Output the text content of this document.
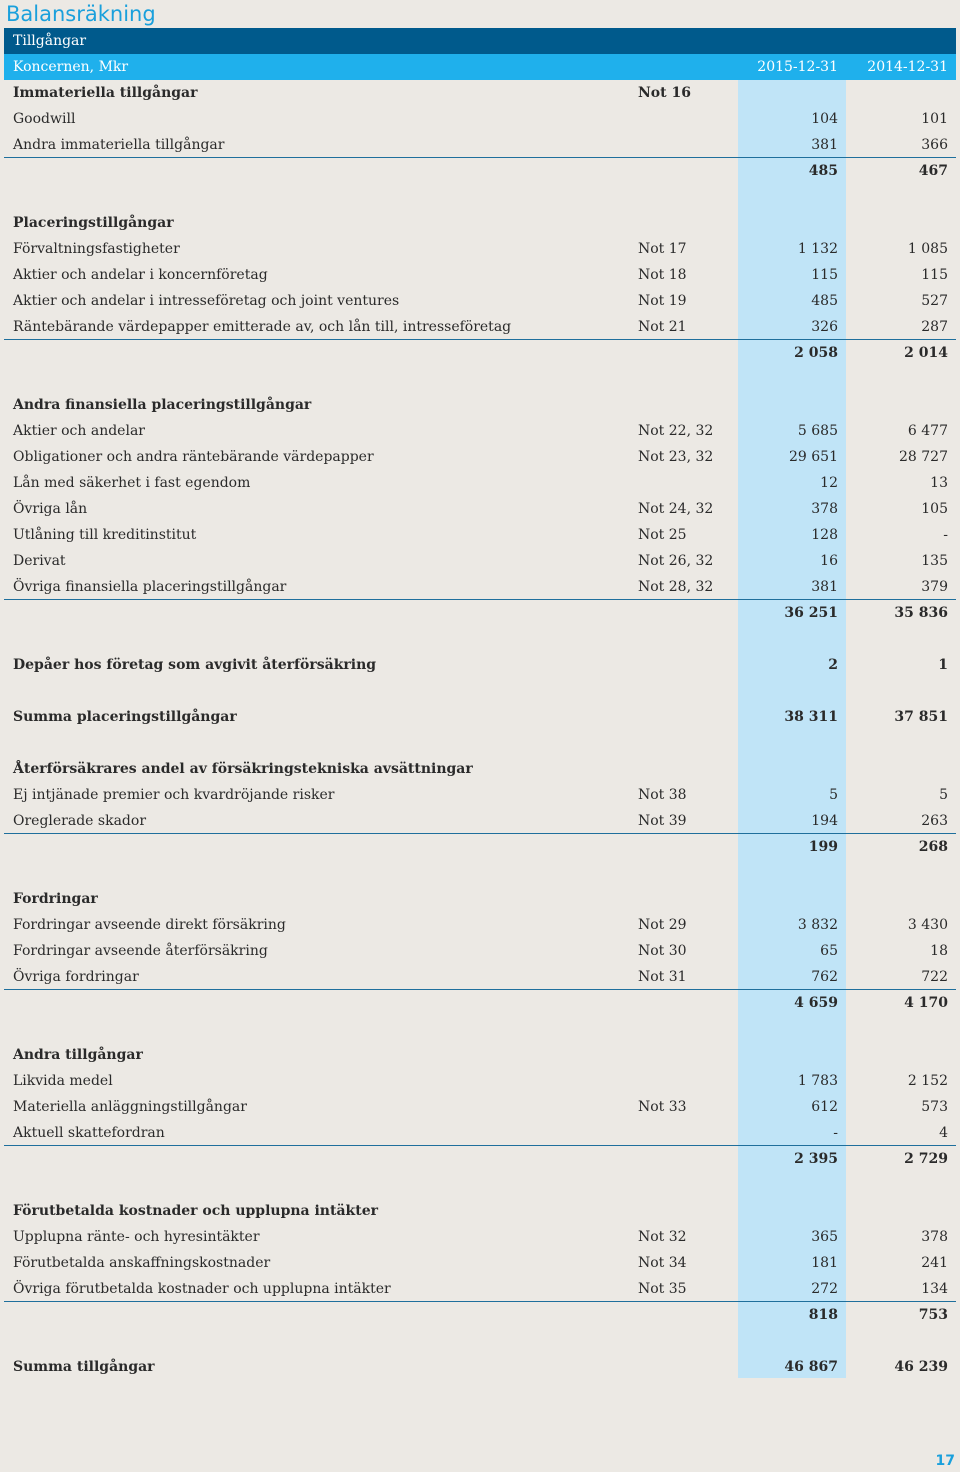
Balansräkning
Tillgångar
Koncernen, Mkr	2015-12-31 2014-12-31
Immateriella tillgångar	Not 16
Goodwill	104	101
Andra immateriella tillgångar	381	366
485	467
Placeringstillgångar
Förvaltningsfastigheter	Not 17	1 132	1 085
Aktier och andelar i koncernföretag	Not 18	115	115
Aktier och andelar i intresseföretag och joint ventures	Not 19	485	527
Räntebärande värdepapper emitterade av, och lån till, intresseföretag	Not 21	326	287
2 058	2 014
Andra finansiella placeringstillgångar
Aktier och andelar	Not 22, 32	5 685	6 477
Obligationer och andra räntebärande värdepapper	Not 23, 32	29 651	28 727
Lån med säkerhet i fast egendom	12	13
Övriga lån	Not 24, 32	378	105
Utlåning till kreditinstitut	Not 25	128	-
Derivat	Not 26, 32	16	135
Övriga finansiella placeringstillgångar	Not 28, 32	381	379
36 251	35 836
Depåer hos företag som avgivit återförsäkring	2	1
Summa placeringstillgångar	38 311	37 851
Återförsäkrares andel av försäkringstekniska avsättningar
Ej intjänade premier och kvardröjande risker	Not 38	5	5
Oreglerade skador	Not 39	194	263
199	268
Fordringar
Fordringar avseende direkt försäkring	Not 29	3 832	3 430
Fordringar avseende återförsäkring	Not 30	65	18
Övriga fordringar	Not 31	762	722
4 659	4 170
Andra tillgångar
Likvida medel	1 783	2 152
Materiella anläggningstillgångar	Not 33	612	573
Aktuell skattefordran	-	4
2 395	2 729
Förutbetalda kostnader och upplupna intäkter
Upplupna ränte- och hyresintäkter	Not 32	365	378
Förutbetalda anskaffningskostnader	Not 34	181	241
Övriga förutbetalda kostnader och upplupna intäkter	Not 35	272	134
818	753
Summa tillgångar	46 867	46 239
17
